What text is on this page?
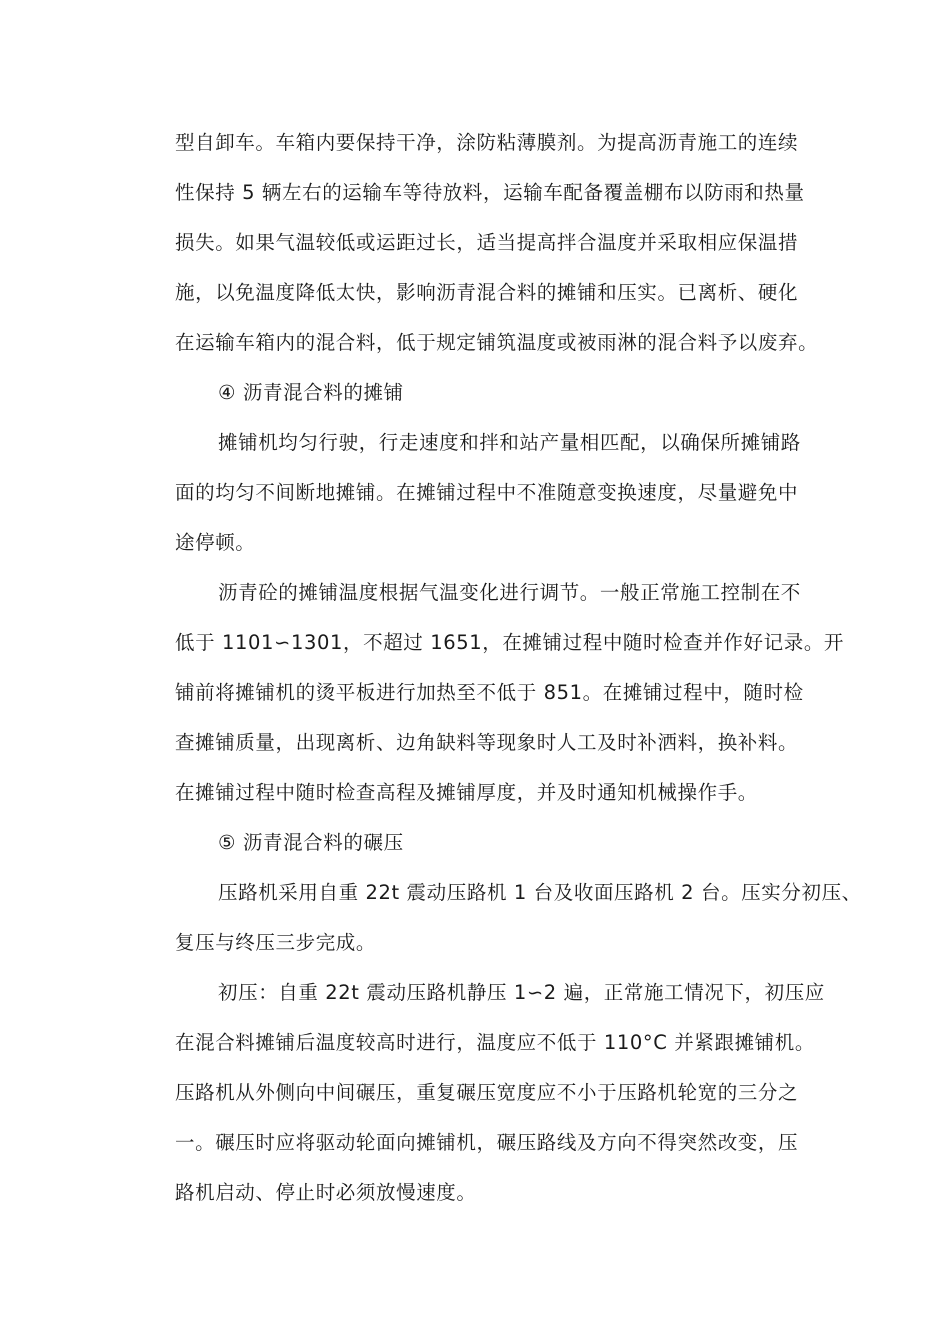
型自卸车。车箱内要保持干净，涂防粘薄膜剂。为提高沥青施工的连续
性保持 5 辆左右的运输车等待放料，运输车配备覆盖棚布以防雨和热量
损失。如果气温较低或运距过长，适当提高拌合温度并采取相应保温措
施，以免温度降低太快，影响沥青混合料的摊铺和压实。已离析、硬化
在运输车箱内的混合料，低于规定铺筑温度或被雨淋的混合料予以废弃。
④ 沥青混合料的摊铺
摊铺机均匀行驶，行走速度和拌和站产量相匹配，以确保所摊铺路
面的均匀不间断地摊铺。在摊铺过程中不准随意变换速度，尽量避免中
途停顿。
沥青砼的摊铺温度根据气温变化进行调节。一般正常施工控制在不
低于 1101∽1301，不超过 1651，在摊铺过程中随时检查并作好记录。开
铺前将摊铺机的烫平板进行加热至不低于 851。在摊铺过程中，随时检
查摊铺质量，出现离析、边角缺料等现象时人工及时补洒料，换补料。
在摊铺过程中随时检查高程及摊铺厚度，并及时通知机械操作手。
⑤ 沥青混合料的碾压
压路机采用自重 22t 震动压路机 1 台及收面压路机 2 台。压实分初压、
复压与终压三步完成。
初压：自重 22t 震动压路机静压 1∽2 遍，正常施工情况下，初压应
在混合料摊铺后温度较高时进行，温度应不低于 110°C 并紧跟摊铺机。
压路机从外侧向中间碾压，重复碾压宽度应不小于压路机轮宽的三分之
一。碾压时应将驱动轮面向摊铺机，碾压路线及方向不得突然改变，压
路机启动、停止时必须放慢速度。
